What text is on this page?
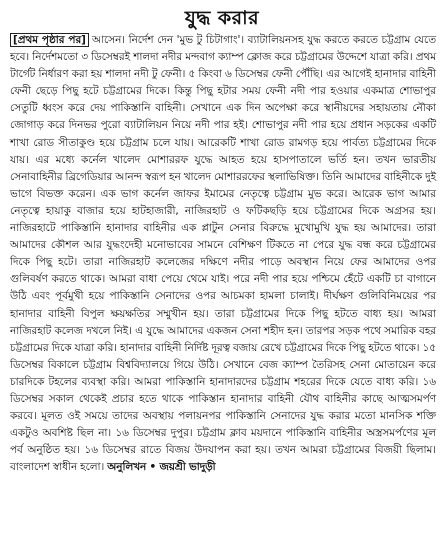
যুদ্ধ করার

[প্রথম পৃষ্ঠার পর] আসেন। নির্দেশ দেন 'মুভ টু চিটাগাং'। ব্যাটালিয়নসহ যুদ্ধ করতে করতে চট্টগ্রাম যেতে হবে। নির্দেশমতো ৩ ডিসেম্বরই শালদা নদীর মন্দবাগ ক্যাম্প ক্লোজ করে চট্টগ্রামের উদ্দেশে যাত্রা করি। প্রথম টার্গেট নির্ধারণ করা হয় শালদা নদী টু ফেনী। ৫ কিংবা ৬ ডিসেম্বর ফেনী পৌঁছি। এর আগেই হানাদার বাহিনী ফেনী ছেড়ে পিছু হটে চট্টগ্রামের দিকে। কিন্তু পিছু হটার সময় ফেনী নদী পার হওয়ার একমাত্র শোভাপুর সেতুটি ধ্বংস করে দেয় পাকিস্তানি বাহিনী। সেখানে এক দিন অপেক্ষা করে স্থানীয়দের সহায়তায় নৌকা জোগাড় করে দিনভর পুরো ব্যাটালিয়ন নিয়ে নদী পার হই। শোভাপুর নদী পার হয়ে প্রধান সড়কের একটি শাখা রোড সীতাকুণ্ড হয়ে চট্টগ্রাম চলে যায়। আরেকটি শাখা রোড রামগড় হয়ে পার্বত্য চট্টগ্রামের দিকে যায়। এর মধ্যে কর্নেল খালেদ মোশাররফ যুদ্ধে আহত হয়ে হাসপাতালে ভর্তি হন। তখন ভারতীয় সেনাবাহিনীর ব্রিগেডিয়ার আনন্দ স্বরূপ হন খালেদ মোশাররফের স্থলাভিষিক্ত। তিনি আমাদের বাহিনীকে দুই ভাগে বিভক্ত করেন। এক ভাগ কর্নেল জাফর ইমামের নেতৃত্বে চট্টগ্রাম মুভ করে। আরেক ভাগ আমার নেতৃত্বে হায়াকু বাজার হয়ে হাটহাজারী, নাজিরহাট ও ফটিকছড়ি হয়ে চট্টগ্রামের দিকে অগ্রসর হয়। নাজিরহাটে পাকিস্তানি হানাদার বাহিনীর এক প্লাটুন সেনার বিরুদ্ধে মুখোমুখি যুদ্ধ হয় আমাদের। তারা আমাদের কৌশল আর যুদ্ধংদেহী মনোভাবের সামনে বেশিক্ষণ টিকতে না পেরে যুদ্ধ বন্ধ করে চট্টগ্রামের দিকে পিছু হটে। তারা নাজিরহাট কলেজের দক্ষিণে নদীর পাড়ে অবস্থান নিয়ে ফের আমাদের ওপর গুলিবর্ষণ করতে থাকে। আমরা বাধা পেয়ে থেমে যাই। পরে নদী পার হয়ে পশ্চিমে হেঁটে একটি চা বাগানে উঠি এবং পূর্বমুখী হয়ে পাকিস্তানি সেনাদের ওপর আচমকা হামলা চালাই। দীর্ঘক্ষণ গুলিবিনিময়ের পর হানাদার বাহিনী বিপুল ক্ষয়ক্ষতির সম্মুখীন হয়। তারা চট্টগ্রামের দিকে পিছু হটতে বাধ্য হয়। আমরা নাজিরহাট কলেজ দখলে নিই। এ যুদ্ধে আমাদের একজন সেনা শহীদ হন। তারপর সড়ক পথে সমারিক বহর চট্টগ্রামের দিকে যাত্রা করি। হানাদার বাহিনী নির্দিষ্ট দূরত্ব বজায় রেখে চট্টগ্রামের দিকে পিছু হটতে থাকে। ১৫ ডিসেম্বর বিকালে চট্টগ্রাম বিশ্ববিদ্যালয়ে গিয়ে উঠি। সেখানে বেজ ক্যাম্প তৈরিসহ সেনা মোতায়েন করে চারদিকে টহলের ব্যবস্থা করি। আমরা পাকিস্তানি হানাদারদের চট্টগ্রাম শহরের দিকে যেতে বাধ্য করি। ১৬ ডিসেম্বর সকাল থেকেই প্রচার হতে থাকে পাকিস্তান হানাদার বাহিনী যৌথ বাহিনীর কাছে আত্মসমর্পণ করবে। মূলত ওই সময়ে তাদের অবস্থায় পলায়নপর পাকিস্তানি সেনাদের যুদ্ধ করার মতো মানসিক শক্তি একটুও অবশিষ্ট ছিল না। ১৬ ডিসেম্বর দুপুর। চট্টগ্রাম ক্লাব ময়দানে পাকিস্তানি বাহিনীর অস্ত্রসমর্পণের মূল পর্ব অনুষ্ঠিত হয়। ১৬ ডিসেম্বর রাতে বিজয় উদযাপন করা হয়। তখন আমরা চট্টগ্রামের বিজয়ী ছিলাম। বাংলাদেশ স্বাধীন হলো। অনুলিখন • জয়শ্রী ভাদুড়ী
